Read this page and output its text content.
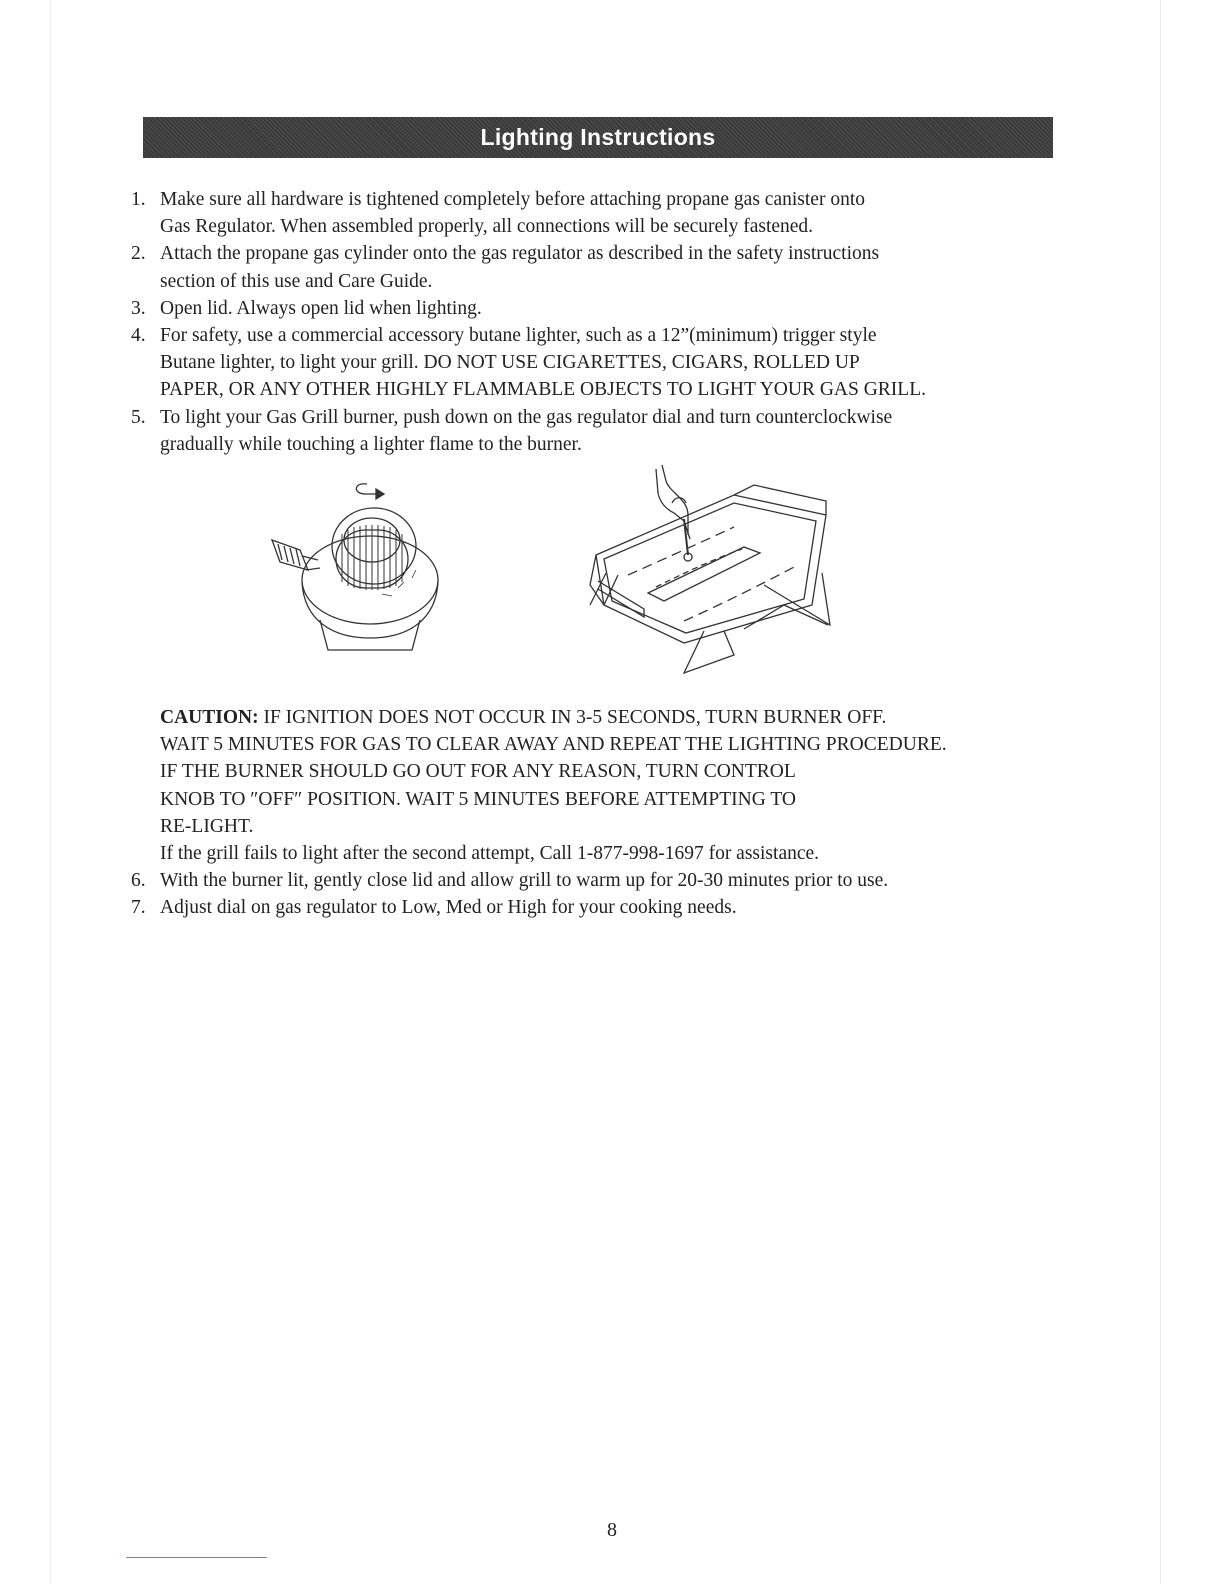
Lighting Instructions
1. Make sure all hardware is tightened completely before attaching propane gas canister onto
Gas Regulator. When assembled properly, all connections will be securely fastened.
2. Attach the propane gas cylinder onto the gas regulator as described in the safety instructions
section of this use and Care Guide.
3. Open lid. Always open lid when lighting.
4. For safety, use a commercial accessory butane lighter, such as a 12”(minimum) trigger style
Butane lighter, to light your grill. DO NOT USE CIGARETTES, CIGARS, ROLLED UP
PAPER, OR ANY OTHER HIGHLY FLAMMABLE OBJECTS TO LIGHT YOUR GAS GRILL.
5. To light your Gas Grill burner, push down on the gas regulator dial and turn counterclockwise
gradually while touching a lighter flame to the burner.
CAUTION: IF IGNITION DOES NOT OCCUR IN 3-5 SECONDS, TURN BURNER OFF.
WAIT 5 MINUTES FOR GAS TO CLEAR AWAY AND REPEAT THE LIGHTING PROCEDURE.
IF THE BURNER SHOULD GO OUT FOR ANY REASON, TURN CONTROL
KNOB TO ″OFF″ POSITION. WAIT 5 MINUTES BEFORE ATTEMPTING TO
RE-LIGHT.
If the grill fails to light after the second attempt, Call 1-877-998-1697 for assistance.
6. With the burner lit, gently close lid and allow grill to warm up for 20-30 minutes prior to use.
7. Adjust dial on gas regulator to Low, Med or High for your cooking needs.
8
